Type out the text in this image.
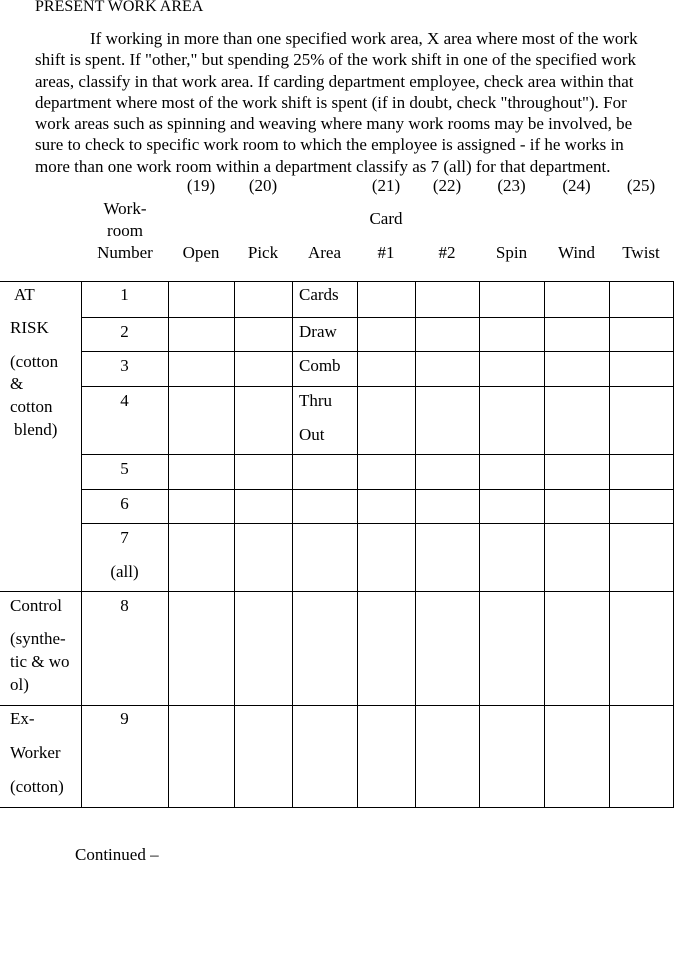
PRESENT WORK AREA
If working in more than one specified work area, X area where most of the work
shift is spent. If "other," but spending 25% of the work shift in one of the specified work
areas, classify in that work area. If carding department employee, check area within that
department where most of the work shift is spent (if in doubt, check "throughout"). For
work areas such as spinning and weaving where many work rooms may be involved, be
sure to check to specific work room to which the employee is assigned - if he works in
more than one work room within a department classify as 7 (all) for that department.
Work-
room
Number
(19)
Open
(20)
Pick	Area
Card
(21)
#1
(22)
#2
(23)
Spin
(24)
Wind
(25)
Twist
AT
RISK
(cotton
&
cotton
blend)
Control
(synthe-
tic & wo
ol)
Ex-
Worker
(cotton)
1
2
3
4
5
6
7
(all)
8
9
Cards
Draw
Comb
Thru
Out
Continued –
